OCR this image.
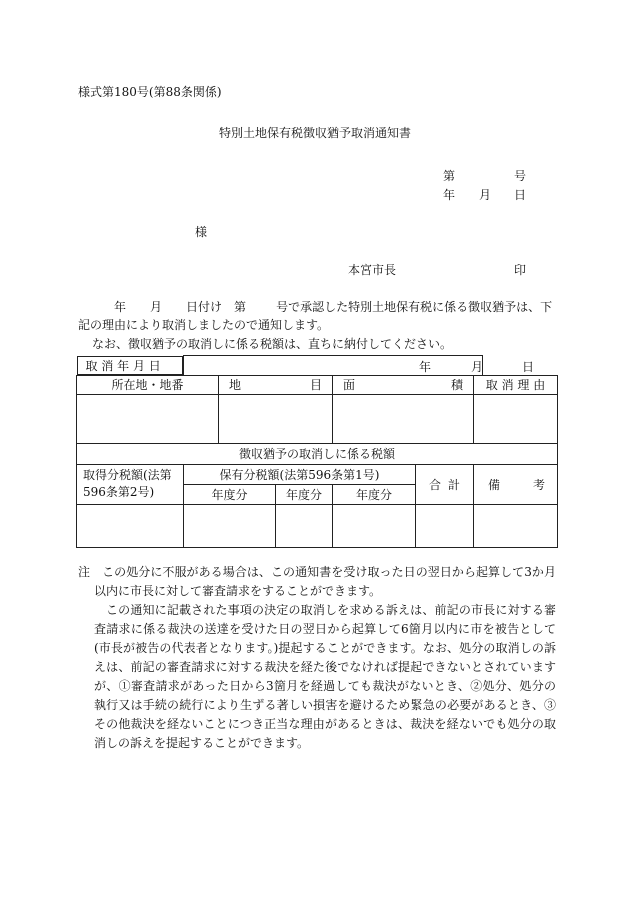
様式第180号(第88条関係)
特別土地保有税徴収猶予取消通知書
第	号
年 月 日
様
本宮市長	印
年 月 日付け 第	号で承認した特別土地保有税に係る徴収猶予は、下
記の理由により取消しましたので通知します。
なお、徴収猶予の取消しに係る税額は、直ちに納付してください。
取 消 年 月 日	年 月 日					

所在地・地番		地 目		面 積		取 消 理 由

徴収猶予の取消しに係る税額						
取得分税額(法第
596条第2号)	保有分税額(法第596条第1号)				合 計	備 考

	年度分		年度分	年度分		

注　この処分に不服がある場合は、この通知書を受け取った日の翌日から起算して3か月以内に市長に対して審査請求をすることができます。

この通知に記載された事項の決定の取消しを求める訴えは、前記の市長に対する審査請求に係る裁決の送達を受けた日の翌日から起算して6箇月以内に市を被告として(市長が被告の代表者となります。)提起することができます。なお、処分の取消しの訴えは、前記の審査請求に対する裁決を経た後でなければ提起できないとされていますが、①審査請求があった日から3箇月を経過しても裁決がないとき、②処分、処分の執行又は手続の続行により生ずる著しい損害を避けるため緊急の必要があるとき、③その他裁決を経ないことにつき正当な理由があるときは、裁決を経ないでも処分の取消しの訴えを提起することができます。
